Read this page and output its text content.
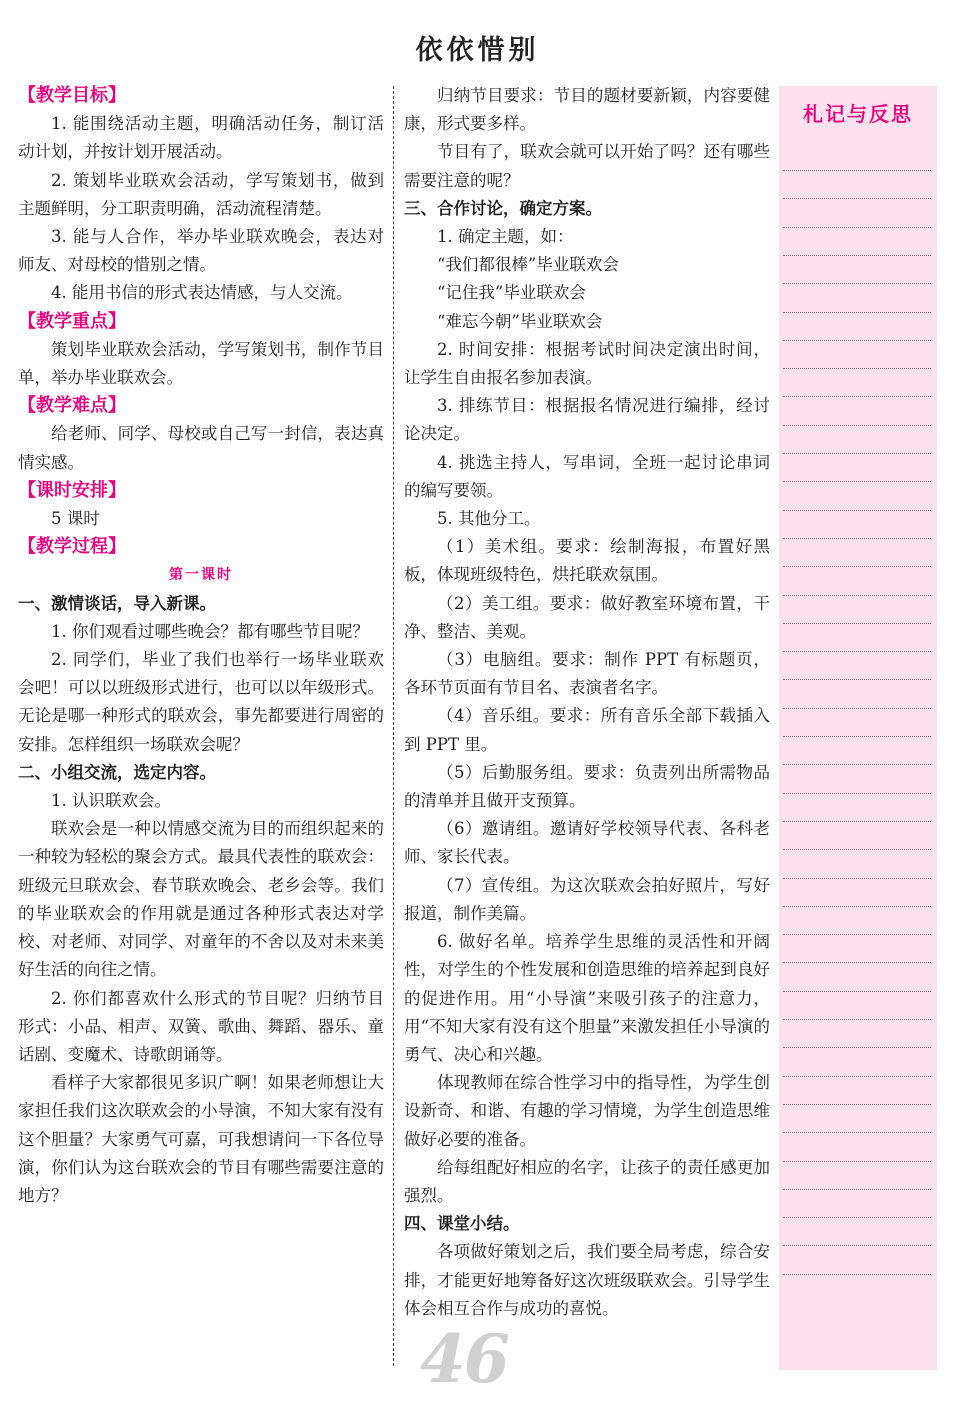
依依惜别
【教学目标】
1. 能围绕活动主题，明确活动任务，制订活动计划，并按计划开展活动。
2. 策划毕业联欢会活动，学写策划书，做到主题鲜明，分工职责明确，活动流程清楚。
3. 能与人合作，举办毕业联欢晚会，表达对师友、对母校的惜别之情。
4. 能用书信的形式表达情感，与人交流。
【教学重点】
策划毕业联欢会活动，学写策划书，制作节目单，举办毕业联欢会。
【教学难点】
给老师、同学、母校或自己写一封信，表达真情实感。
【课时安排】
5 课时
【教学过程】
第一课时
一、激情谈话，导入新课。
1. 你们观看过哪些晚会？都有哪些节目呢？
2. 同学们，毕业了我们也举行一场毕业联欢会吧！可以以班级形式进行，也可以以年级形式。无论是哪一种形式的联欢会，事先都要进行周密的安排。怎样组织一场联欢会呢？
二、小组交流，选定内容。
1. 认识联欢会。
联欢会是一种以情感交流为目的而组织起来的一种较为轻松的聚会方式。最具代表性的联欢会：班级元旦联欢会、春节联欢晚会、老乡会等。我们的毕业联欢会的作用就是通过各种形式表达对学校、对老师、对同学、对童年的不舍以及对未来美好生活的向往之情。
2. 你们都喜欢什么形式的节目呢？归纳节目形式：小品、相声、双簧、歌曲、舞蹈、器乐、童话剧、变魔术、诗歌朗诵等。
看样子大家都很见多识广啊！如果老师想让大家担任我们这次联欢会的小导演，不知大家有没有这个胆量？大家勇气可嘉，可我想请问一下各位导演，你们认为这台联欢会的节目有哪些需要注意的地方？
归纳节目要求：节目的题材要新颖，内容要健康，形式要多样。
节目有了，联欢会就可以开始了吗？还有哪些需要注意的呢？
三、合作讨论，确定方案。
1. 确定主题，如：
“我们都很棒”毕业联欢会
“记住我”毕业联欢会
“难忘今朝”毕业联欢会
2. 时间安排：根据考试时间决定演出时间，让学生自由报名参加表演。
3. 排练节目：根据报名情况进行编排，经讨论决定。
4. 挑选主持人，写串词，全班一起讨论串词的编写要领。
5. 其他分工。
（1）美术组。要求：绘制海报，布置好黑板，体现班级特色，烘托联欢氛围。
（2）美工组。要求：做好教室环境布置，干净、整洁、美观。
（3）电脑组。要求：制作 PPT 有标题页，各环节页面有节目名、表演者名字。
（4）音乐组。要求：所有音乐全部下载插入到 PPT 里。
（5）后勤服务组。要求：负责列出所需物品的清单并且做开支预算。
（6）邀请组。邀请好学校领导代表、各科老师、家长代表。
（7）宣传组。为这次联欢会拍好照片，写好报道，制作美篇。
6. 做好名单。培养学生思维的灵活性和开阔性，对学生的个性发展和创造思维的培养起到良好的促进作用。用“小导演”来吸引孩子的注意力，用“不知大家有没有这个胆量”来激发担任小导演的勇气、决心和兴趣。
体现教师在综合性学习中的指导性，为学生创设新奇、和谐、有趣的学习情境，为学生创造思维做好必要的准备。
给每组配好相应的名字，让孩子的责任感更加强烈。
四、课堂小结。
各项做好策划之后，我们要全局考虑，综合安排，才能更好地筹备好这次班级联欢会。引导学生体会相互合作与成功的喜悦。
札记与反思
46
